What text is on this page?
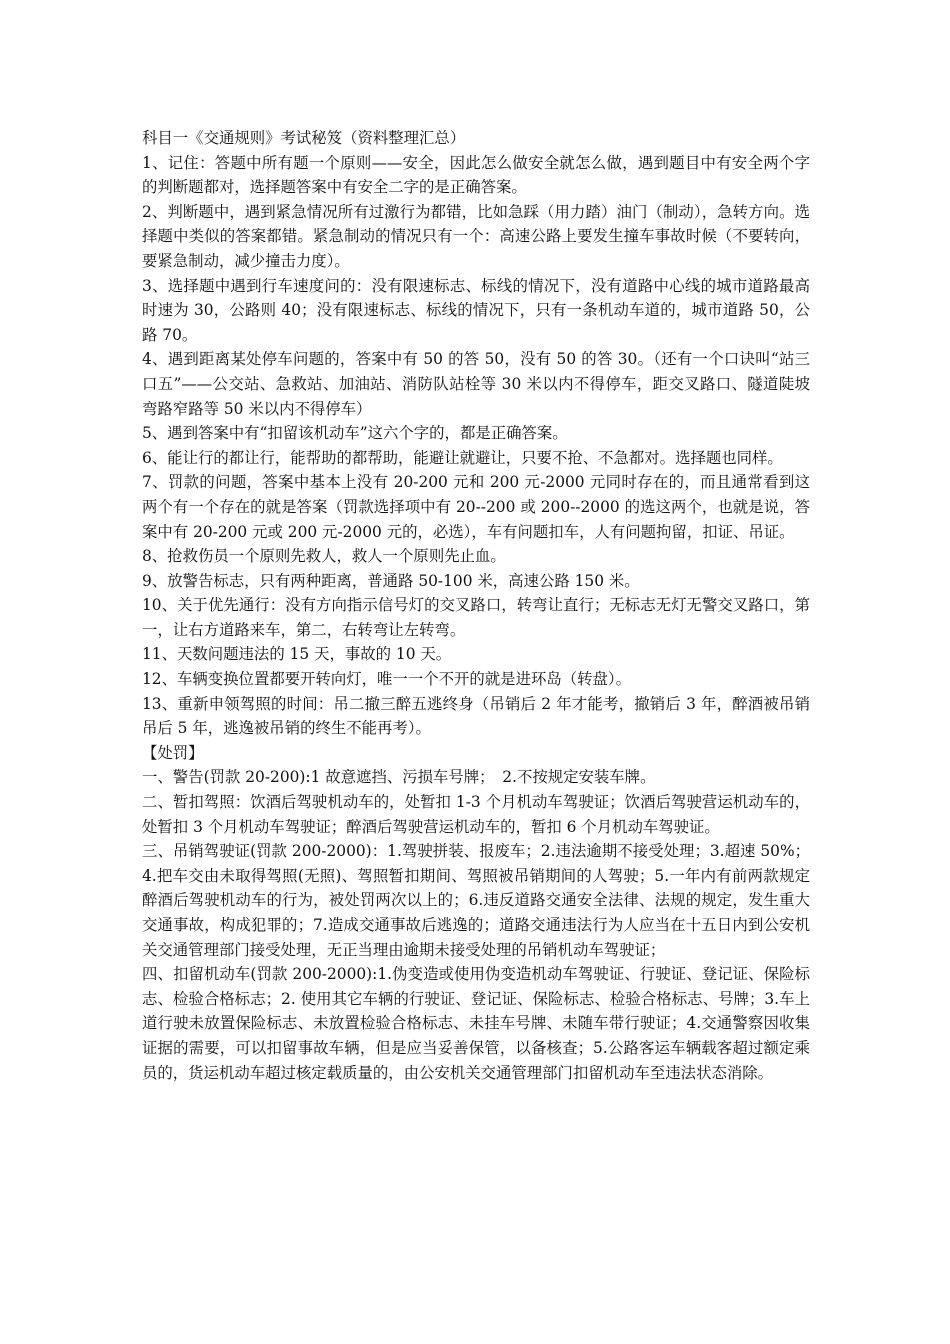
科目一《交通规则》考试秘笈（资料整理汇总）

1、记住：答题中所有题一个原则——安全，因此怎么做安全就怎么做，遇到题目中有安全两个字的判断题都对，选择题答案中有安全二字的是正确答案。

2、判断题中，遇到紧急情况所有过激行为都错，比如急踩（用力踏）油门（制动），急转方向。选择题中类似的答案都错。紧急制动的情况只有一个：高速公路上要发生撞车事故时候（不要转向，要紧急制动，减少撞击力度）。

3、选择题中遇到行车速度问的：没有限速标志、标线的情况下，没有道路中心线的城市道路最高时速为 30，公路则 40；没有限速标志、标线的情况下，只有一条机动车道的，城市道路 50，公路 70。

4、遇到距离某处停车问题的，答案中有 50 的答 50，没有 50 的答 30。（还有一个口诀叫“站三口五”——公交站、急救站、加油站、消防队站栓等 30 米以内不得停车，距交叉路口、隧道陡坡弯路窄路等 50 米以内不得停车）

5、遇到答案中有“扣留该机动车”这六个字的，都是正确答案。

6、能让行的都让行，能帮助的都帮助，能避让就避让，只要不抢、不急都对。选择题也同样。

7、罚款的问题，答案中基本上没有 20-200 元和 200 元-2000 元同时存在的，而且通常看到这两个有一个存在的就是答案（罚款选择项中有 20--200 或 200--2000 的选这两个，也就是说，答案中有 20-200 元或 200 元-2000 元的，必选），车有问题扣车，人有问题拘留，扣证、吊证。

8、抢救伤员一个原则先救人，救人一个原则先止血。

9、放警告标志，只有两种距离，普通路 50-100 米，高速公路 150 米。

10、关于优先通行：没有方向指示信号灯的交叉路口，转弯让直行；无标志无灯无警交叉路口，第一，让右方道路来车，第二，右转弯让左转弯。

11、天数问题违法的 15 天，事故的 10 天。

12、车辆变换位置都要开转向灯，唯一一个不开的就是进环岛（转盘）。

13、重新申领驾照的时间：吊二撤三醉五逃终身（吊销后 2 年才能考，撤销后 3 年，醉酒被吊销吊后 5 年，逃逸被吊销的终生不能再考）。

【处罚】

一、警告(罚款 20-200):1 故意遮挡、污损车号牌；　2.不按规定安装车牌。

二、暂扣驾照：饮酒后驾驶机动车的，处暂扣 1-3 个月机动车驾驶证；饮酒后驾驶营运机动车的，处暂扣 3 个月机动车驾驶证；醉酒后驾驶营运机动车的，暂扣 6 个月机动车驾驶证。

三、吊销驾驶证(罚款 200-2000)：1.驾驶拼装、报废车；2.违法逾期不接受处理；3.超速 50%；4.把车交由未取得驾照(无照)、驾照暂扣期间、驾照被吊销期间的人驾驶；5.一年内有前两款规定醉酒后驾驶机动车的行为，被处罚两次以上的；6.违反道路交通安全法律、法规的规定，发生重大交通事故，构成犯罪的；7.造成交通事故后逃逸的；道路交通违法行为人应当在十五日内到公安机关交通管理部门接受处理，无正当理由逾期未接受处理的吊销机动车驾驶证；

四、扣留机动车(罚款 200-2000):1.伪变造或使用伪变造机动车驾驶证、行驶证、登记证、保险标志、检验合格标志；2. 使用其它车辆的行驶证、登记证、保险标志、检验合格标志、号牌；3.车上道行驶未放置保险标志、未放置检验合格标志、未挂车号牌、未随车带行驶证；4.交通警察因收集证据的需要，可以扣留事故车辆，但是应当妥善保管，以备核查；5.公路客运车辆载客超过额定乘员的，货运机动车超过核定载质量的，由公安机关交通管理部门扣留机动车至违法状态消除。
